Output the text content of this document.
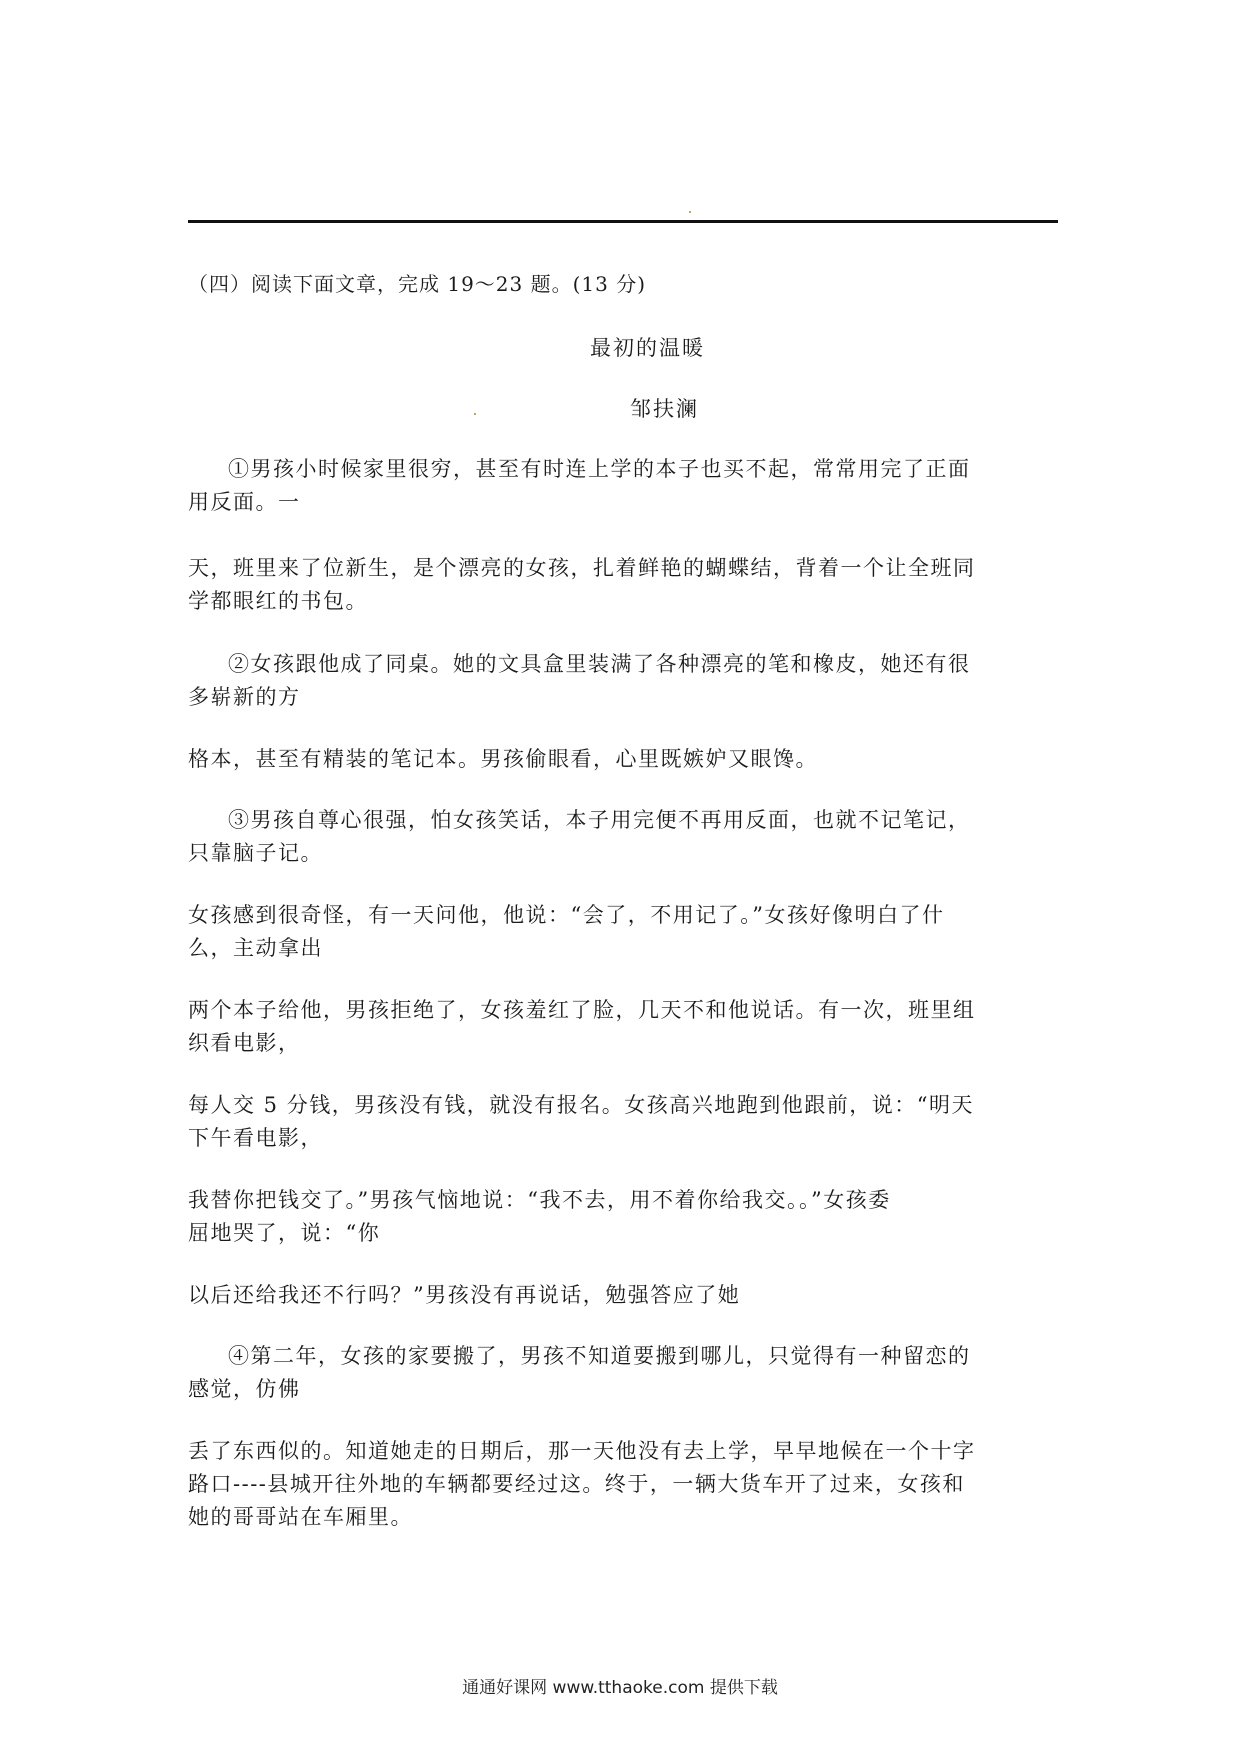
（四）阅读下面文章，完成 19～23 题。(13 分)
最初的温暖
邹扶澜
①男孩小时候家里很穷，甚至有时连上学的本子也买不起，常常用完了正面
用反面。一
天，班里来了位新生，是个漂亮的女孩，扎着鲜艳的蝴蝶结，背着一个让全班同
学都眼红的书包。
②女孩跟他成了同桌。她的文具盒里装满了各种漂亮的笔和橡皮，她还有很
多崭新的方
格本，甚至有精装的笔记本。男孩偷眼看，心里既嫉妒又眼馋。
③男孩自尊心很强，怕女孩笑话，本子用完便不再用反面，也就不记笔记，
只靠脑子记。
女孩感到很奇怪，有一天问他，他说：“会了，不用记了。”女孩好像明白了什
么，主动拿出
两个本子给他，男孩拒绝了，女孩羞红了脸，几天不和他说话。有一次，班里组
织看电影，
每人交 5 分钱，男孩没有钱，就没有报名。女孩高兴地跑到他跟前，说：“明天
下午看电影，
我替你把钱交了。”男孩气恼地说：“我不去，用不着你给我交。。”女孩委
屈地哭了，说：“你
以后还给我还不行吗？”男孩没有再说话，勉强答应了她
④第二年，女孩的家要搬了，男孩不知道要搬到哪儿，只觉得有一种留恋的
感觉，仿佛
丢了东西似的。知道她走的日期后，那一天他没有去上学，早早地候在一个十字
路口----县城开往外地的车辆都要经过这。终于，一辆大货车开了过来，女孩和
她的哥哥站在车厢里。
通通好课网 www.tthaoke.com 提供下载
